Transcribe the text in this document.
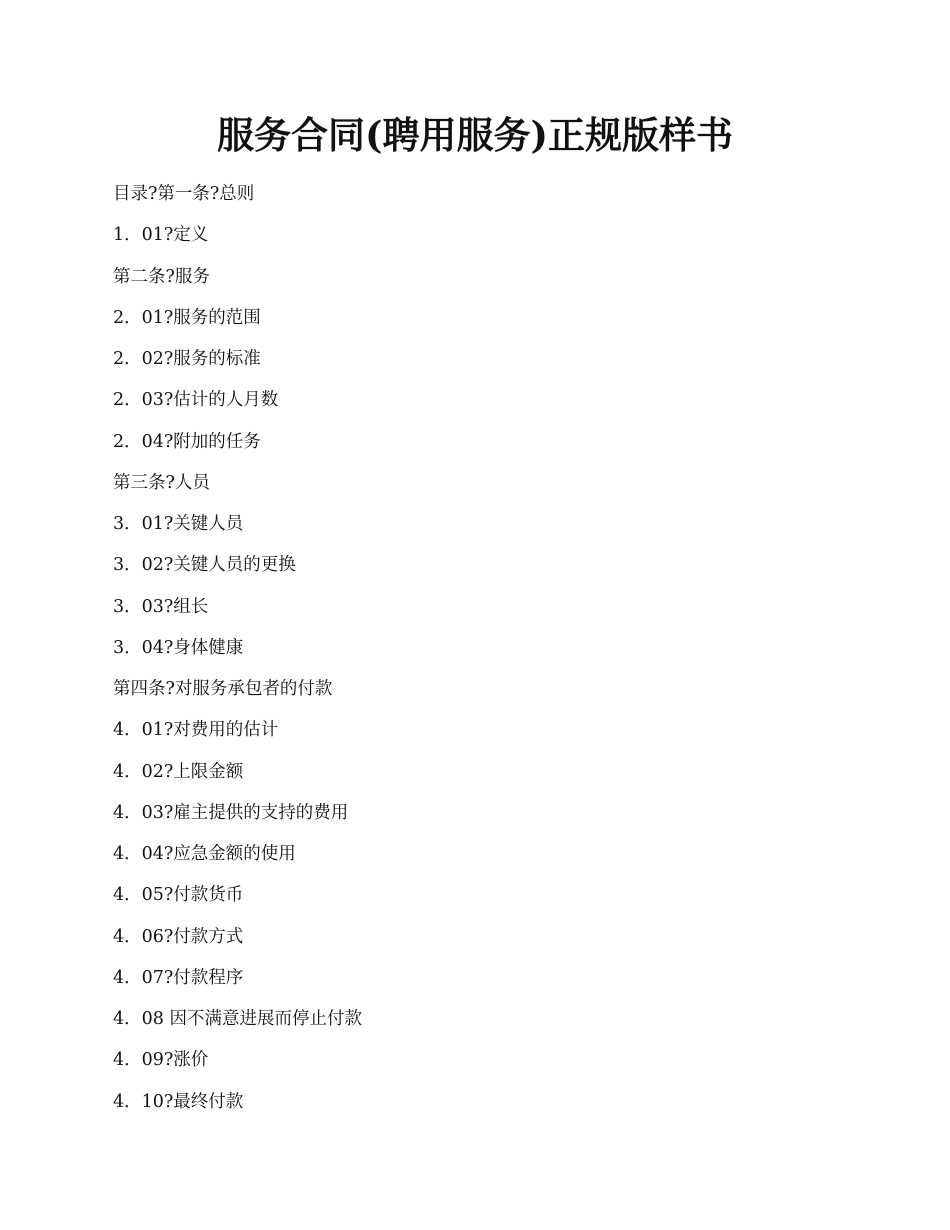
服务合同(聘用服务)正规版样书
目录?第一条?总则
1．01?定义
第二条?服务
2．01?服务的范围
2．02?服务的标准
2．03?估计的人月数
2．04?附加的任务
第三条?人员
3．01?关键人员
3．02?关键人员的更换
3．03?组长
3．04?身体健康
第四条?对服务承包者的付款
4．01?对费用的估计
4．02?上限金额
4．03?雇主提供的支持的费用
4．04?应急金额的使用
4．05?付款货币
4．06?付款方式
4．07?付款程序
4．08 因不满意进展而停止付款
4．09?涨价
4．10?最终付款
